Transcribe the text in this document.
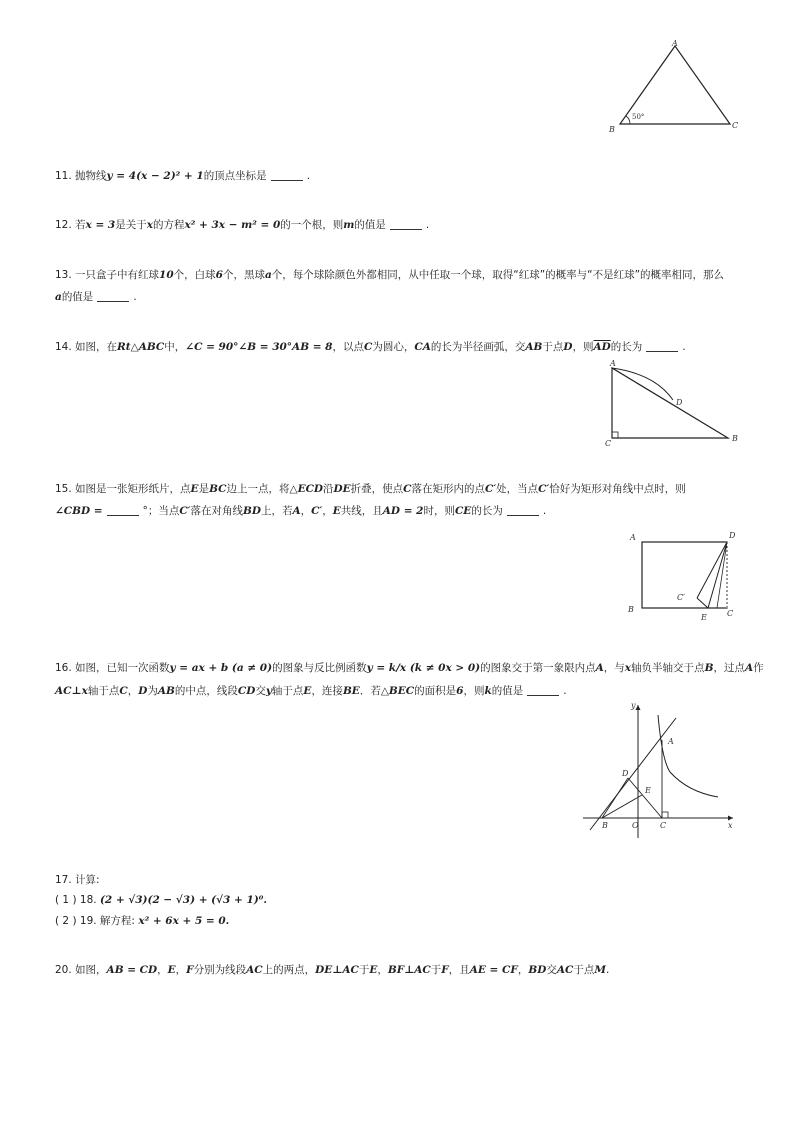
A
B	C
50°
11. 抛物线y = 4(x − 2)² + 1的顶点坐标是	.
12. 若x = 3是关于x的方程x² + 3x − m² = 0的一个根，则m的值是	.
13. 一只盒子中有红球10个，白球6个，黑球a个，每个球除颜色外都相同，从中任取一个球，取得“红球”的概率与“不是红球”的概率相同，那么
a的值是	.
14. 如图，在Rt△ABC中，∠C = 90°∠B = 30°AB = 8，以点C为圆心，CA的长为半径画弧，交AB于点D，则$\overline{AD}$的长为	.
A
D
C
B
15. 如图是一张矩形纸片，点E是BC边上一点，将△ECD沿DE折叠，使点C落在矩形内的点C′处，当点C′恰好为矩形对角线中点时，则
∠CBD =	°；当点C′落在对角线BD上，若A，C′，E共线，且AD = 2时，则CE的长为	.
A	D
B	C
C′
E
16. 如图，已知一次函数y = ax + b (a ≠ 0)的图象与反比例函数y = k/x (k ≠ 0x > 0)的图象交于第一象限内点A，与x轴负半轴交于点B，过点A作
AC⊥x轴于点C，D为AB的中点，线段CD交y轴于点E，连接BE．若△BEC的面积是6，则k的值是	.
y
x
A
D
E
B	O	C
17. 计算:
( 1 ) 18. (2 + √3)(2 − √3) + (√3 + 1)⁰.
( 2 ) 19. 解方程: x² + 6x + 5 = 0.
20. 如图，AB = CD，E，F分别为线段AC上的两点，DE⊥AC于E，BF⊥AC于F，且AE = CF，BD交AC于点M.
